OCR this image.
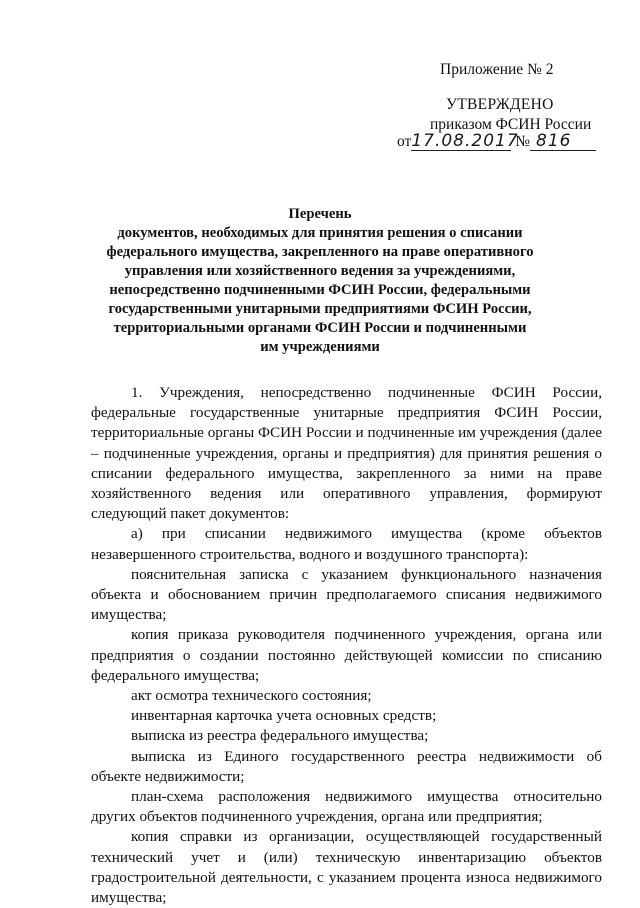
Приложение № 2
УТВЕРЖДЕНО
приказом ФСИН России
от17.08.2017 № 816
Перечень
документов, необходимых для принятия решения о списании
федерального имущества, закрепленного на праве оперативного
управления или хозяйственного ведения за учреждениями,
непосредственно подчиненными ФСИН России, федеральными
государственными унитарными предприятиями ФСИН России,
территориальными органами ФСИН России и подчиненными
им учреждениями

1. Учреждения, непосредственно подчиненные ФСИН России, федеральные государственные унитарные предприятия ФСИН России, территориальные органы ФСИН России и подчиненные им учреждения (далее – подчиненные учреждения, органы и предприятия) для принятия решения о списании федерального имущества, закрепленного за ними на праве хозяйственного ведения или оперативного управления, формируют следующий пакет документов:

а) при списании недвижимого имущества (кроме объектов незавершенного строительства, водного и воздушного транспорта):

пояснительная записка с указанием функционального назначения объекта и обоснованием причин предполагаемого списания недвижимого имущества;

копия приказа руководителя подчиненного учреждения, органа или предприятия о создании постоянно действующей комиссии по списанию федерального имущества;

акт осмотра технического состояния;

инвентарная карточка учета основных средств;

выписка из реестра федерального имущества;

выписка из Единого государственного реестра недвижимости об объекте недвижимости;

план-схема расположения недвижимого имущества относительно других объектов подчиненного учреждения, органа или предприятия;

копия справки из организации, осуществляющей государственный технический учет и (или) техническую инвентаризацию объектов градостроительной деятельности, с указанием процента износа недвижимого имущества;
